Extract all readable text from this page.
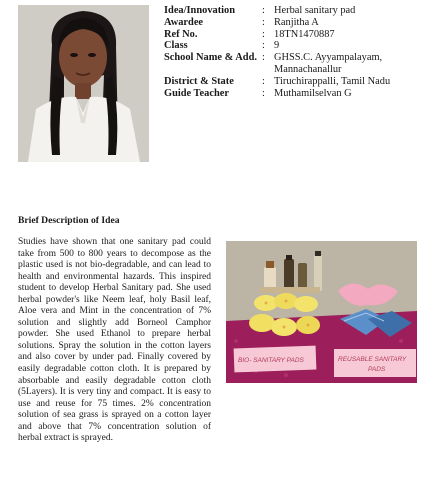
Idea/Innovation	: Herbal sanitary pad
Awardee	: Ranjitha A
Ref No.	: 18TN1470887
Class	: 9
School Name & Add. : GHSS.C. Ayyampalayam,
Mannachanallur
District & State	: Tiruchirappalli, Tamil Nadu
Guide Teacher	: Muthamilselvan G
Brief Description of Idea

Studies have shown that one sanitary pad could take from 500 to 800 years to decompose as the plastic used is not bio-degradable, and can lead to health and environmental hazards. This inspired student to develop Herbal Sanitary pad. She used herbal powder's like Neem leaf, holy Basil leaf, Aloe vera and Mint in the concentration of 7% solution and slightly add Borneol Camphor powder. She used Ethanol to prepare herbal solutions. Spray the solution in the cotton layers and also cover by under pad. Finally covered by easily degradable cotton cloth. It is prepared by absorbable and easily degradable cotton cloth (5Layers). It is very tiny and compact. It is easy to use and reuse for 75 times. 2% concentration solution of sea grass is sprayed on a cotton layer and above that 7% concentration solution of herbal extract is sprayed.

BIO- SANITARY PADS	REUSABLE SANITARY
PADS
